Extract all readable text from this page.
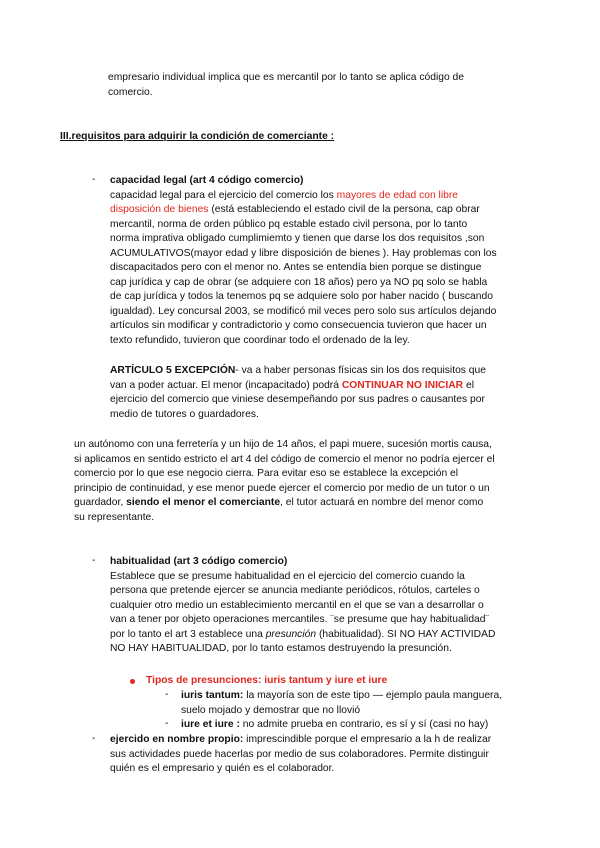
empresario individual implica que es mercantil por lo tanto se aplica código de

comercio.

III.requisitos para adquirir la condición de comerciante :
- capacidad legal (art 4 código comercio)

capacidad legal para el ejercicio del comercio los mayores de edad con libre

disposición de bienes (está estableciendo el estado civil de la persona, cap obrar

mercantil, norma de orden público pq estable estado civil persona, por lo tanto

norma imprativa obligado cumplimiemto y tienen que darse los dos requisitos ,son

ACUMULATIVOS(mayor edad y libre disposición de bienes ). Hay problemas con los

discapacitados pero con el menor no. Antes se entendía bien porque se distingue

cap jurídica y cap de obrar (se adquiere con 18 años) pero ya NO pq solo se habla

de cap jurídica y todos la tenemos pq se adquiere solo por haber nacido ( buscando

igualdad). Ley concursal 2003, se modificó mil veces pero solo sus artículos dejando

artículos sin modificar y contradictorio y como consecuencia tuvieron que hacer un

texto refundido, tuvieron que coordinar todo el ordenado de la ley.

ARTÍCULO 5 EXCEPCIÓN- va a haber personas físicas sin los dos requisitos que

van a poder actuar. El menor (incapacitado) podrá CONTINUAR NO INICIAR el

ejercicio del comercio que viniese desempeñando por sus padres o causantes por

medio de tutores o guardadores.

un autónomo con una ferretería y un hijo de 14 años, el papi muere, sucesión mortis causa,

si aplicamos en sentido estricto el art 4 del código de comercio el menor no podría ejercer el

comercio por lo que ese negocio cierra. Para evitar eso se establece la excepción el

principio de continuidad, y ese menor puede ejercer el comercio por medio de un tutor o un

guardador, siendo el menor el comerciante, el tutor actuará en nombre del menor como

su representante.

- habitualidad (art 3 código comercio)

Establece que se presume habitualidad en el ejercicio del comercio cuando la

persona que pretende ejercer se anuncia mediante periódicos, rótulos, carteles o

cualquier otro medio un establecimiento mercantil en el que se van a desarrollar o

van a tener por objeto operaciones mercantiles. ¨se presume que hay habitualidad¨

por lo tanto el art 3 establece una presunción (habitualidad). SI NO HAY ACTIVIDAD

NO HAY HABITUALIDAD, por lo tanto estamos destruyendo la presunción.

Tipos de presunciones: iuris tantum y iure et iure
- iuris tantum: la mayoría son de este tipo — ejemplo paula manguera,

suelo mojado y demostrar que no llovió

- iure et iure : no admite prueba en contrario, es sí y sí (casi no hay)

- ejercido en nombre propio: imprescindible porque el empresario a la h de realizar

sus actividades puede hacerlas por medio de sus colaboradores. Permite distinguir

quién es el empresario y quién es el colaborador.
